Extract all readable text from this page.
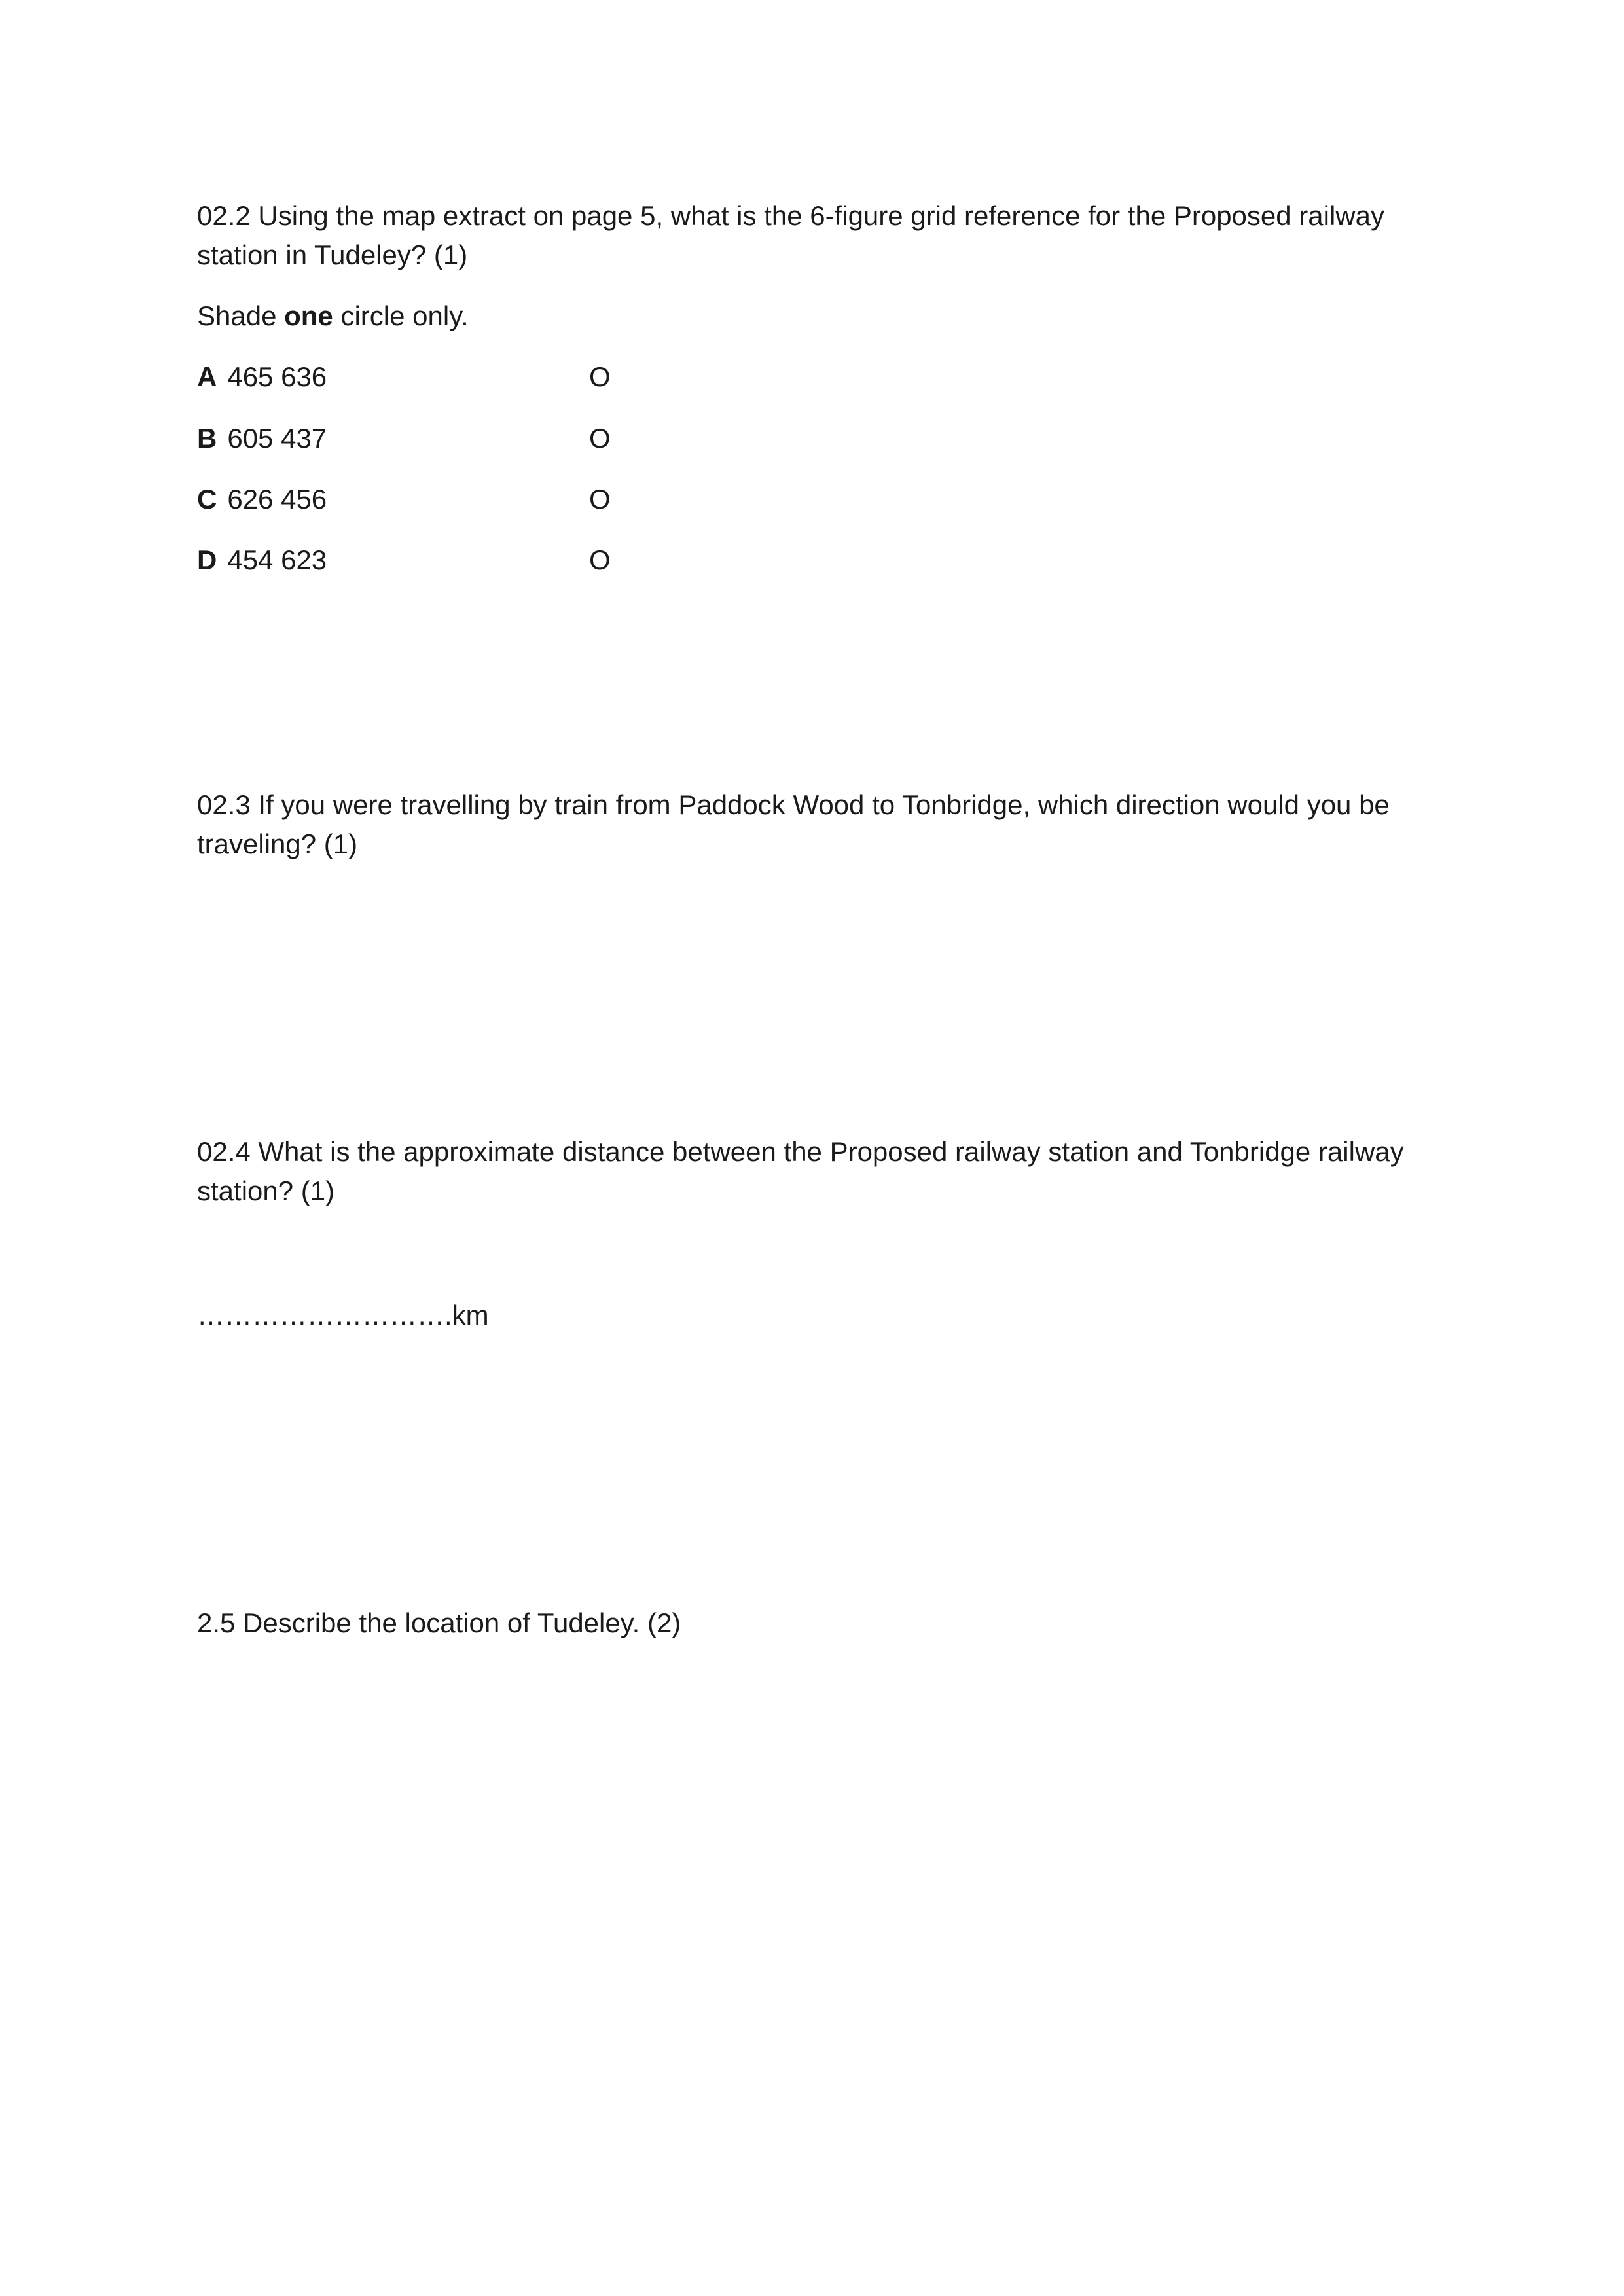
02.2 Using the map extract on page 5, what is the 6-figure grid reference for the Proposed railway
station in Tudeley? (1)
Shade one circle only.
A 465 636	O
B 605 437	O
C 626 456	O
D 454 623	O
02.3 If you were travelling by train from Paddock Wood to Tonbridge, which direction would you be
traveling? (1)
02.4 What is the approximate distance between the Proposed railway station and Tonbridge railway
station? (1)
……………………….km
2.5 Describe the location of Tudeley. (2)
